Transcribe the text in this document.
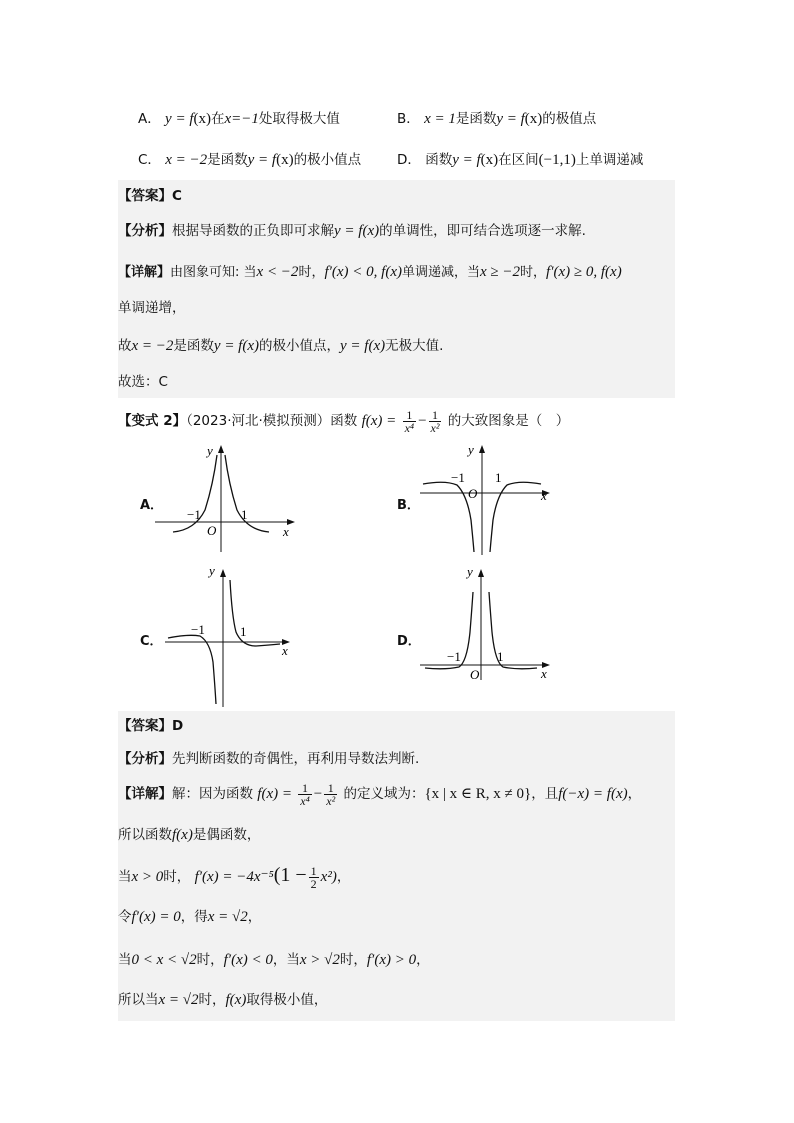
A． y = f(x)在x=−1处取得极大值	B． x = 1是函数y = f(x)的极值点
C． x = −2是函数y = f(x)的极小值点	D． 函数y = f(x)在区间(−1,1)上单调递减
【答案】C
【分析】根据导函数的正负即可求解y = f(x)的单调性，即可结合选项逐一求解.
【详解】由图象可知: 当x < −2时，f′(x) < 0, f(x)单调递减，当x ≥ −2时，f′(x) ≥ 0, f(x)
单调递增，
故x = −2是函数y = f(x)的极小值点，y = f(x)无极大值.
故选：C
【变式 2】（2023·河北·模拟预测）函数 $f(x) = \frac{1}{\text{x⁴}} - \frac{1}{\text{x²}}$ 的大致图象是（　）
A．
y
x
O
−1	1
B．
y
x
O
−1 1
C．
y
x
−1	1
D．
y
x
O
−1	1
【答案】D
【分析】先判断函数的奇偶性，再利用导数法判断.
【详解】解：因为函数 $f(x) = \frac{1}{\text{x⁴}} - \frac{1}{\text{x²}}$ 的定义域为：{x | x ∈ R, x ≠ 0}，且f(−x) = f(x)，
所以函数f(x)是偶函数，
当x > 0时， $f'(x) = -4x^{-5}(1 - \frac{1}{2} x^2)$，
令f′(x) = 0，得x = √2，
当0 < x < √2时，f′(x) < 0，当x > √2时，f′(x) > 0，
所以当x = √2时，f(x)取得极小值，
